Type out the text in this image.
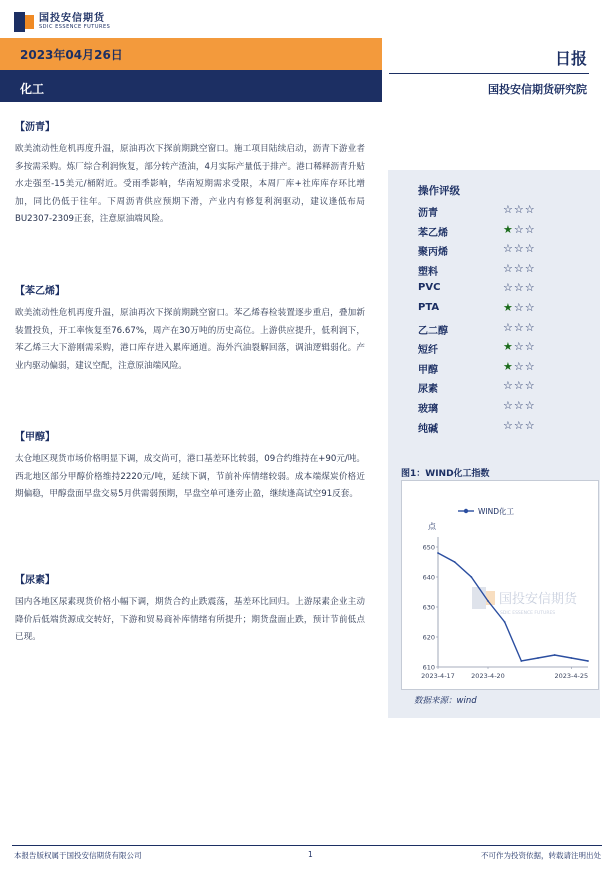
国投安信期货
SDIC ESSENCE FUTURES
2023年04月26日
化工
日报
国投安信期货研究院
【沥青】
欧美流动性危机再度升温，原油再次下探前期跳空窗口。施工项目陆续启动，沥青下游业者多按需采购。炼厂综合利润恢复，部分转产渣油，4月实际产量低于排产。港口稀释沥青升贴水走强至-15美元/桶附近。受雨季影响，华南短期需求受限，本周厂库+社库库存环比增加，同比仍低于往年。下周沥青供应预期下滑，产业内有修复利润驱动，建议逢低布局BU2307-2309正套，注意原油端风险。
【苯乙烯】
欧美流动性危机再度升温，原油再次下探前期跳空窗口。苯乙烯春检装置逐步重启，叠加新装置投负，开工率恢复至76.67%，周产在30万吨的历史高位。上游供应提升，低利润下，苯乙烯三大下游刚需采购，港口库存进入累库通道。海外汽油裂解回落，调油逻辑弱化。产业内驱动偏弱，建议空配，注意原油端风险。
【甲醇】
太仓地区现货市场价格明显下调，成交尚可，港口基差环比转弱，09合约维持在+90元/吨。西北地区部分甲醇价格维持2220元/吨，延续下调，节前补库情绪较弱。成本端煤炭价格近期偏稳，甲醇盘面早盘交易5月供需弱预期，早盘空单可逢旁止盈，继续逢高试空91反套。
【尿素】
国内各地区尿素现货价格小幅下调，期货合约止跌震荡，基差环比回归。上游尿素企业主动降价后低端货源成交转好，下游和贸易商补库情绪有所提升；期货盘面止跌，预计节前低点已现。
操作评级
沥青	☆ ☆ ☆
苯乙烯	★ ☆ ☆
聚丙烯	☆ ☆ ☆
塑料	☆ ☆ ☆
PVC	☆ ☆ ☆
PTA	★ ☆ ☆
乙二醇	☆ ☆ ☆
短纤	★ ☆ ☆
甲醇	★ ☆ ☆
尿素	☆ ☆ ☆
玻璃	☆ ☆ ☆
纯碱	☆ ☆ ☆
图1：WIND化工指数
国投安信期货
SDIC ESSENCE FUTURES
WIND化工
点
610
620
630
640
650
2023-4-17	2023-4-20	2023-4-25
数据来源：wind
本报告版权属于国投安信期货有限公司	1	不可作为投资依据，转载请注明出处
